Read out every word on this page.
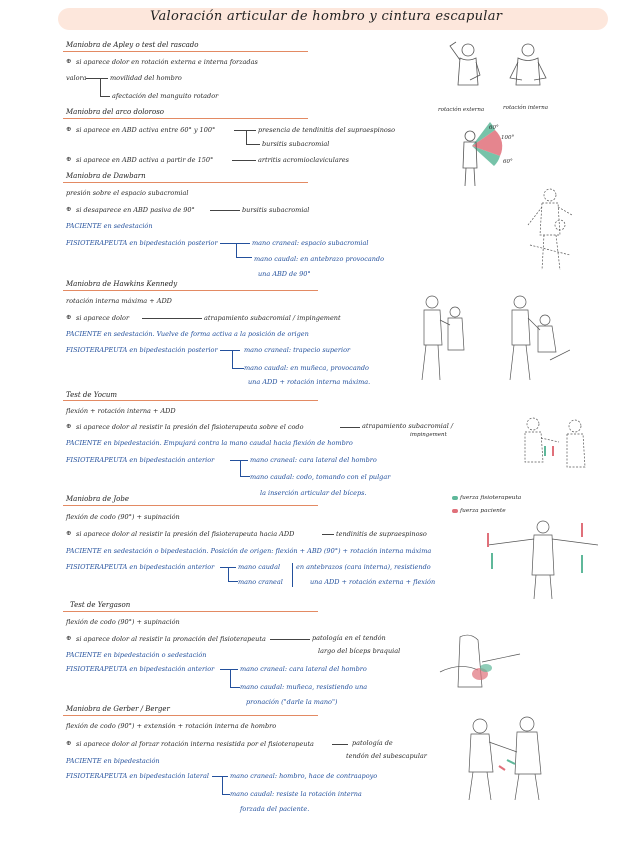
Valoración articular de hombro y cintura escapular
Maniobra de Apley o test del rascado
⊕ si aparece dolor en rotación externa e interna forzadas
valora	movilidad del hombro
afectación del manguito rotador
rotación externa	rotación interna
Maniobra del arco doloroso
⊕ si aparece en ABD activa entre 60° y 100°	presencia de tendinitis del supraespinoso
bursitis subacromial
⊕ si aparece en ABD activa a partir de 150°	artritis acromioclaviculares
60°
100°
60°
Maniobra de Dawbarn
presión sobre el espacio subacromial
⊕ si desaparece en ABD pasiva de 90°	bursitis subacromial
PACIENTE en sedestación
FISIOTERAPEUTA en bipedestación posterior	mano craneal: espacio subacromial
mano caudal: en antebrazo provocando
una ABD de 90°
Maniobra de Hawkins Kennedy
rotación interna máxima + ADD
⊕ si aparece dolor	atrapamiento subacromial / impingement
PACIENTE en sedestación. Vuelve de forma activa a la posición de origen
FISIOTERAPEUTA en bipedestación posterior	mano craneal: trapecio superior
mano caudal: en muñeca, provocando
una ADD + rotación interna máxima.
Test de Yocum
flexión + rotación interna + ADD
⊕ si aparece dolor al resistir la presión del fisioterapeuta sobre el codo	atrapamiento subacromial /
impingement
PACIENTE en bipedestación. Empujará contra la mano caudal hacia flexión de hombro
FISIOTERAPEUTA en bipedestación anterior	mano craneal: cara lateral del hombro
mano caudal: codo, tomando con el pulgar
la inserción articular del bíceps.
Maniobra de Jobe
flexión de codo (90°) + supinación
⊕ si aparece dolor al resistir la presión del fisioterapeuta hacia ADD	tendinitis de supraespinoso
PACIENTE en sedestación o bipedestación. Posición de origen: flexión + ABD (90°) + rotación interna máxima
FISIOTERAPEUTA en bipedestación anterior	mano caudal
mano craneal
en antebrazos (cara interna), resistiendo
una ADD + rotación externa + flexión
fuerza fisioterapeuta
fuerza paciente
Test de Yergason
flexión de codo (90°) + supinación
⊕ si aparece dolor al resistir la pronación del fisioterapeuta	patología en el tendón
largo del bíceps braquial
PACIENTE en bipedestación o sedestación
FISIOTERAPEUTA en bipedestación anterior	mano craneal: cara lateral del hombro
mano caudal: muñeca, resistiendo una
pronación ("darle la mano")
Maniobra de Gerber / Berger
flexión de codo (90°) + extensión + rotación interna de hombro
⊕ si aparece dolor al forzar rotación interna resistida por el fisioterapeuta	patología de
tendón del subescapular
PACIENTE en bipedestación
FISIOTERAPEUTA en bipedestación lateral	mano craneal: hombro, hace de contraapoyo
mano caudal: resiste la rotación interna
forzada del paciente.
